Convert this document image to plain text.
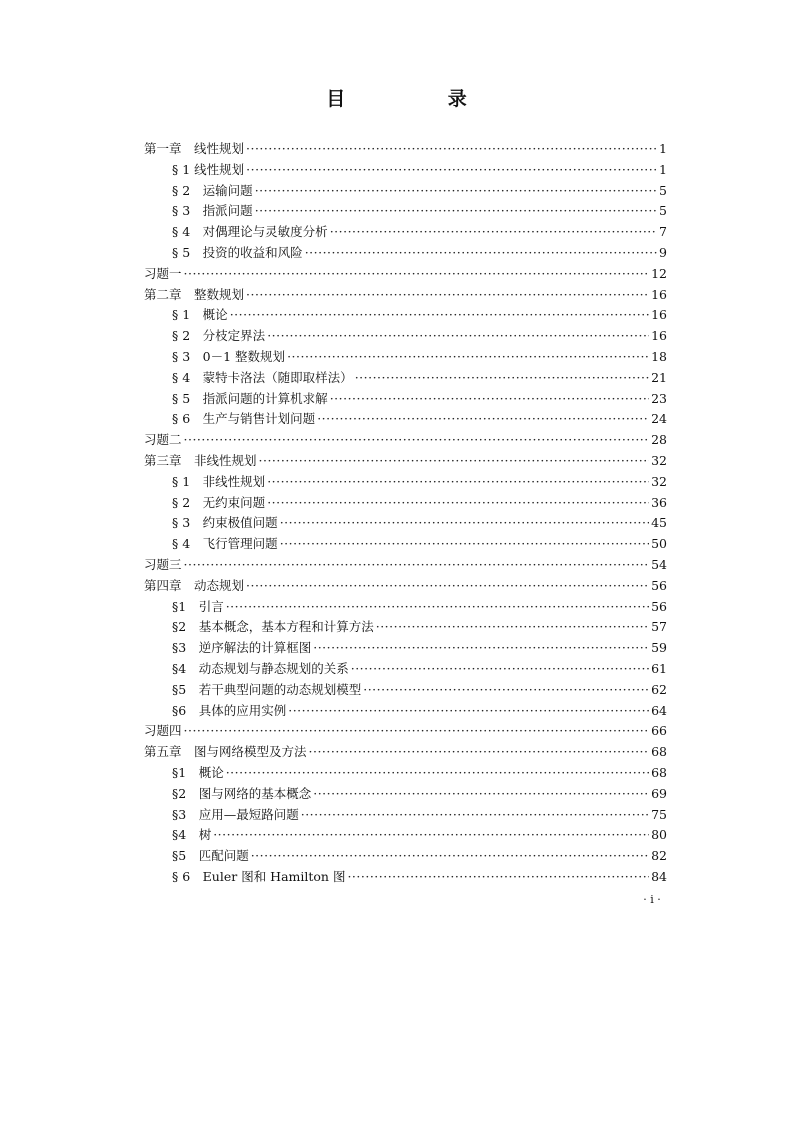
目 录
第一章　线性规划 ·····	1
§ 1 线性规划 ·····	1
§ 2　运输问题 ·····	5
§ 3　指派问题 ·····	5
§ 4　对偶理论与灵敏度分析 ·····	7
§ 5　投资的收益和风险 ·····	9
习题一 ·····	12
第二章　整数规划 ·····	16
§ 1　概论 ·····	16
§ 2　分枝定界法 ·····	16
§ 3　0－1 整数规划 ·····	18
§ 4　蒙特卡洛法（随即取样法） ·····	21
§ 5　指派问题的计算机求解 ·····	23
§ 6　生产与销售计划问题 ·····	24
习题二 ·····	28
第三章　非线性规划 ·····	32
§ 1　非线性规划 ·····	32
§ 2　无约束问题 ·····	36
§ 3　约束极值问题 ·····	45
§ 4　飞行管理问题 ·····	50
习题三 ·····	54
第四章　动态规划 ·····	56
§1　引言 ·····	56
§2　基本概念，基本方程和计算方法 ·····	57
§3　逆序解法的计算框图 ·····	59
§4　动态规划与静态规划的关系 ·····	61
§5　若干典型问题的动态规划模型 ·····	62
§6　具体的应用实例 ·····	64
习题四 ·····	66
第五章　图与网络模型及方法 ·····	68
§1　概论 ·····	68
§2　图与网络的基本概念 ·····	69
§3　应用—最短路问题 ·····	75
§4　树 ·····	80
§5　匹配问题 ·····	82
§ 6　Euler 图和 Hamilton 图 ·····	84
· i ·
